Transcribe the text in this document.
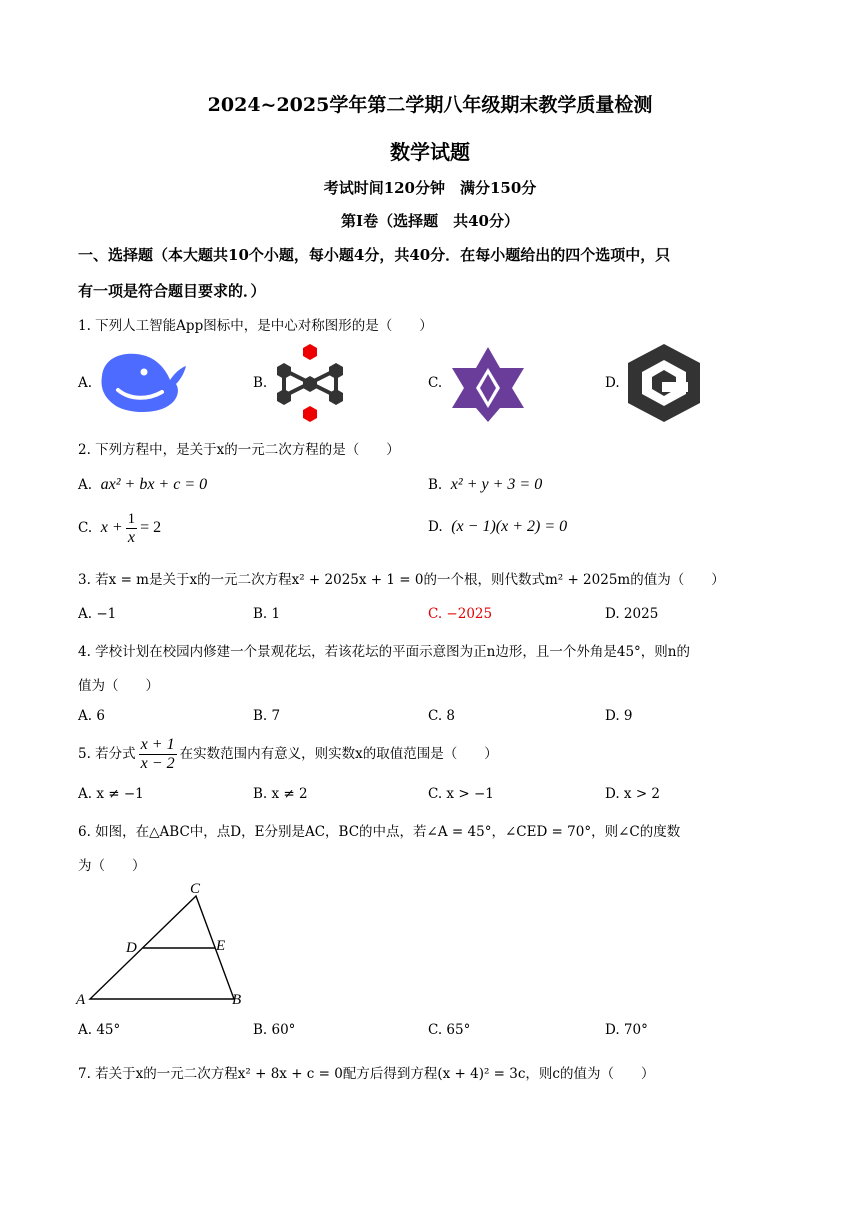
2024~2025学年第二学期八年级期末教学质量检测
数学试题
考试时间120分钟　满分150分
第Ⅰ卷（选择题　共40分）
一、选择题（本大题共10个小题，每小题4分，共40分．在每小题给出的四个选项中，只
有一项是符合题目要求的．）
1. 下列人工智能App图标中，是中心对称图形的是（　　）
A.	B.	C.	D.
2. 下列方程中，是关于x的一元二次方程的是（　　）
A.  ax² + bx + c = 0	B.  x² + y + 3 = 0
C.  $x + \frac{1}{x} = 2$	D.  (x − 1)(x + 2) = 0
3. 若x = m是关于x的一元二次方程x² + 2025x + 1 = 0的一个根，则代数式m² + 2025m的值为（　　）
A. −1	B. 1	C. −2025	D. 2025
4. 学校计划在校园内修建一个景观花坛，若该花坛的平面示意图为正n边形，且一个外角是45°，则n的
值为（　　）
A. 6	B. 7	C. 8	D. 9
5. 若分式 $\frac{x + 1}{x - 2}$ 在实数范围内有意义，则实数x的取值范围是（　　）
A. x ≠ −1	B. x ≠ 2	C. x > −1	D. x > 2
6. 如图，在△ABC中，点D，E分别是AC，BC的中点，若∠A = 45°，∠CED = 70°，则∠C的度数
为（　　）
A	B
C
D	E
A. 45°	B. 60°	C. 65°	D. 70°
7. 若关于x的一元二次方程x² + 8x + c = 0配方后得到方程(x + 4)² = 3c，则c的值为（　　）
